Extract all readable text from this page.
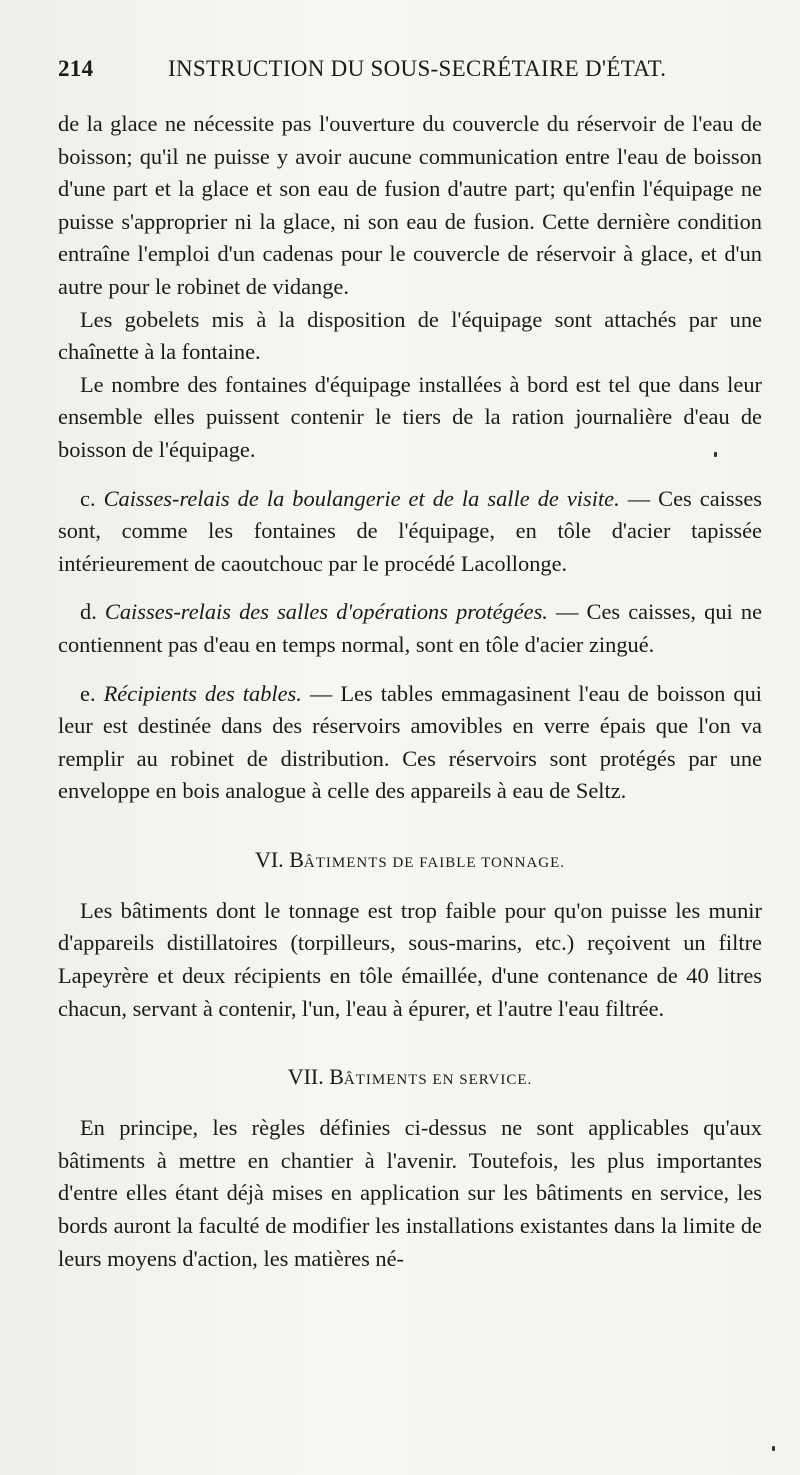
214	INSTRUCTION DU SOUS-SECRÉTAIRE D'ÉTAT.

de la glace ne nécessite pas l'ouverture du couvercle du réservoir de l'eau de boisson; qu'il ne puisse y avoir aucune communication entre l'eau de boisson d'une part et la glace et son eau de fusion d'autre part; qu'enfin l'équipage ne puisse s'approprier ni la glace, ni son eau de fusion. Cette dernière condition entraîne l'emploi d'un cadenas pour le couvercle de réservoir à glace, et d'un autre pour le robinet de vidange.

Les gobelets mis à la disposition de l'équipage sont attachés par une chaînette à la fontaine.

Le nombre des fontaines d'équipage installées à bord est tel que dans leur ensemble elles puissent contenir le tiers de la ration journalière d'eau de boisson de l'équipage.

c. Caisses-relais de la boulangerie et de la salle de visite. — Ces caisses sont, comme les fontaines de l'équipage, en tôle d'acier tapissée intérieurement de caoutchouc par le procédé Lacollonge.

d. Caisses-relais des salles d'opérations protégées. — Ces caisses, qui ne contiennent pas d'eau en temps normal, sont en tôle d'acier zingué.

e. Récipients des tables. — Les tables emmagasinent l'eau de boisson qui leur est destinée dans des réservoirs amovibles en verre épais que l'on va remplir au robinet de distribution. Ces réservoirs sont protégés par une enveloppe en bois analogue à celle des appareils à eau de Seltz.

VI. BÂTIMENTS DE FAIBLE TONNAGE.

Les bâtiments dont le tonnage est trop faible pour qu'on puisse les munir d'appareils distillatoires (torpilleurs, sous-marins, etc.) reçoivent un filtre Lapeyrère et deux récipients en tôle émaillée, d'une contenance de 40 litres chacun, servant à contenir, l'un, l'eau à épurer, et l'autre l'eau filtrée.

VII. BÂTIMENTS EN SERVICE.

En principe, les règles définies ci-dessus ne sont applicables qu'aux bâtiments à mettre en chantier à l'avenir. Toutefois, les plus importantes d'entre elles étant déjà mises en application sur les bâtiments en service, les bords auront la faculté de modifier les installations existantes dans la limite de leurs moyens d'action, les matières né-
